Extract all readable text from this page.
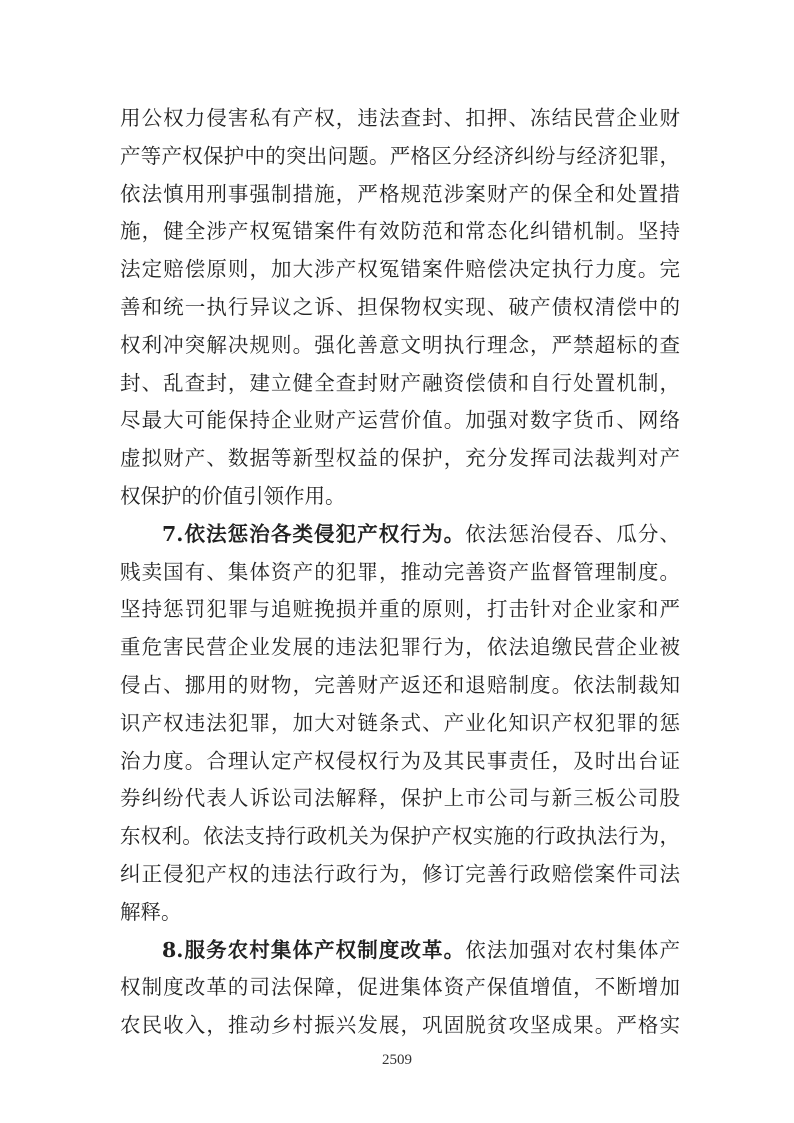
用公权力侵害私有产权，违法查封、扣押、冻结民营企业财
产等产权保护中的突出问题。严格区分经济纠纷与经济犯罪，
依法慎用刑事强制措施，严格规范涉案财产的保全和处置措
施，健全涉产权冤错案件有效防范和常态化纠错机制。坚持
法定赔偿原则，加大涉产权冤错案件赔偿决定执行力度。完
善和统一执行异议之诉、担保物权实现、破产债权清偿中的
权利冲突解决规则。强化善意文明执行理念，严禁超标的查
封、乱查封，建立健全查封财产融资偿债和自行处置机制，
尽最大可能保持企业财产运营价值。加强对数字货币、网络
虚拟财产、数据等新型权益的保护，充分发挥司法裁判对产
权保护的价值引领作用。
7.依法惩治各类侵犯产权行为。依法惩治侵吞、瓜分、
贱卖国有、集体资产的犯罪，推动完善资产监督管理制度。
坚持惩罚犯罪与追赃挽损并重的原则，打击针对企业家和严
重危害民营企业发展的违法犯罪行为，依法追缴民营企业被
侵占、挪用的财物，完善财产返还和退赔制度。依法制裁知
识产权违法犯罪，加大对链条式、产业化知识产权犯罪的惩
治力度。合理认定产权侵权行为及其民事责任，及时出台证
券纠纷代表人诉讼司法解释，保护上市公司与新三板公司股
东权利。依法支持行政机关为保护产权实施的行政执法行为，
纠正侵犯产权的违法行政行为，修订完善行政赔偿案件司法
解释。
8.服务农村集体产权制度改革。依法加强对农村集体产
权制度改革的司法保障，促进集体资产保值增值，不断增加
农民收入，推动乡村振兴发展，巩固脱贫攻坚成果。严格实
2509
